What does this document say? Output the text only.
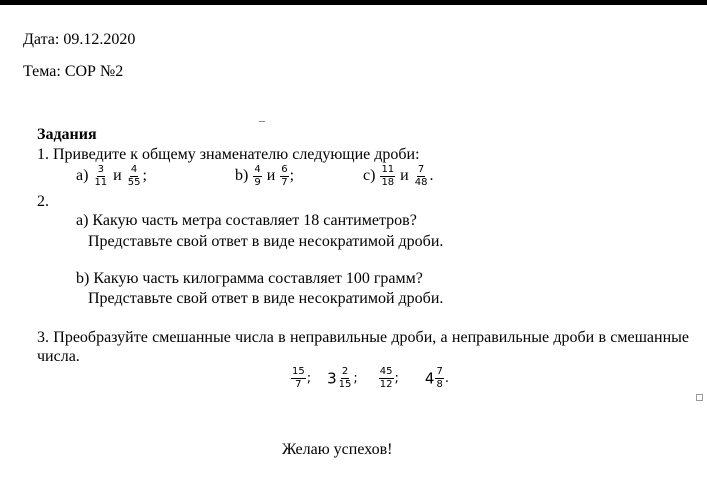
Дата: 09.12.2020
Тема: СОР №2
Задания
1. Приведите к общему знаменателю следующие дроби:
$a) \frac{3}{11}$ и $\frac{4}{55}$ ;	$b) \frac{4}{9}$ и $\frac{6}{7}$ ;	$c) \frac{11}{18}$ и $\frac{7}{48}$ .
2.
a) Какую часть метра составляет 18 сантиметров?
Представьте свой ответ в виде несократимой дроби.
b) Какую часть килограмма составляет 100 грамм?
Представьте свой ответ в виде несократимой дроби.
3. Преобразуйте смешанные числа в неправильные дроби, а неправильные дроби в смешанные числа.
$\frac{15}{7}$ ; $3 \frac{2}{15}$ ; $\frac{45}{12}$ ; $4 \frac{7}{8}$ .
Желаю успехов!
